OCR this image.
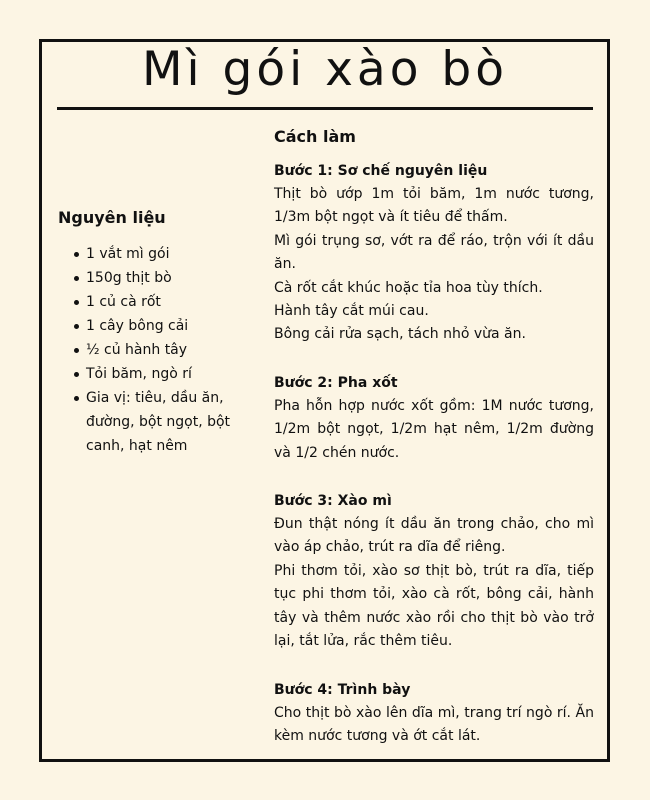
Mì gói xào bò
Nguyên liệu
1 vắt mì gói
150g thịt bò
1 củ cà rốt
1 cây bông cải
½ củ hành tây
Tỏi băm, ngò rí
Gia vị: tiêu, dầu ăn, đường, bột ngọt, bột canh, hạt nêm
Cách làm
Bước 1: Sơ chế nguyên liệu

Thịt bò ướp 1m tỏi băm, 1m nước tương, 1/3m bột ngọt và ít tiêu để thấm.

Mì gói trụng sơ, vớt ra để ráo, trộn với ít dầu ăn.

Cà rốt cắt khúc hoặc tỉa hoa tùy thích.

Hành tây cắt múi cau.

Bông cải rửa sạch, tách nhỏ vừa ăn.

Bước 2: Pha xốt

Pha hỗn hợp nước xốt gồm: 1M nước tương, 1/2m bột ngọt, 1/2m hạt nêm, 1/2m đường và 1/2 chén nước.

Bước 3: Xào mì

Đun thật nóng ít dầu ăn trong chảo, cho mì vào áp chảo, trút ra dĩa để riêng.

Phi thơm tỏi, xào sơ thịt bò, trút ra dĩa, tiếp tục phi thơm tỏi, xào cà rốt, bông cải, hành tây và thêm nước xào rồi cho thịt bò vào trở lại, tắt lửa, rắc thêm tiêu.

Bước 4: Trình bày

Cho thịt bò xào lên dĩa mì, trang trí ngò rí. Ăn kèm nước tương và ớt cắt lát.
